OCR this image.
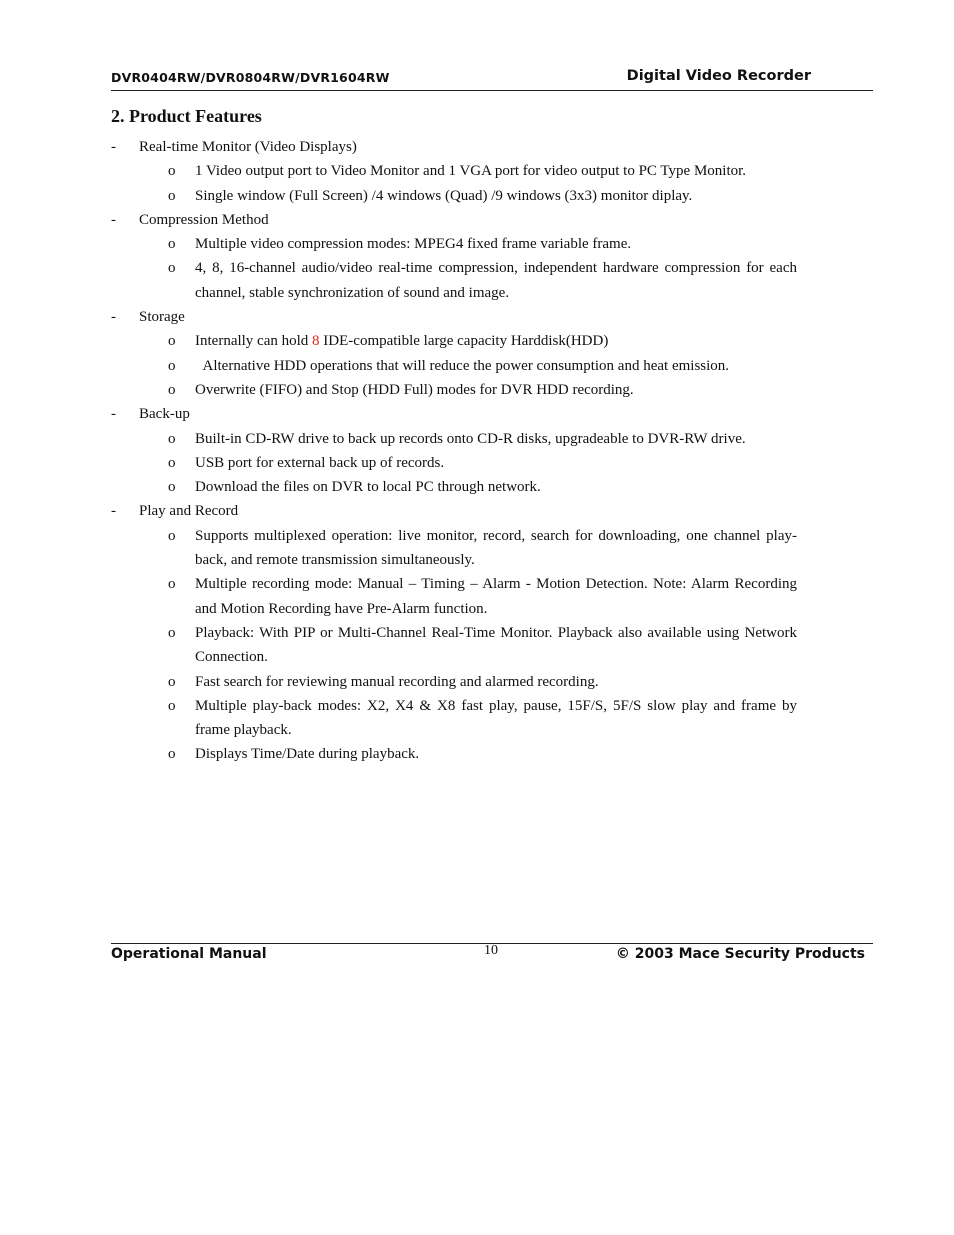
DVR0404RW/DVR0804RW/DVR1604RW	Digital Video Recorder
2. Product Features
- Real-time Monitor (Video Displays)
o 1 Video output port to Video Monitor and 1 VGA port for video output to PC Type Monitor.
o Single window (Full Screen) /4 windows (Quad) /9 windows (3x3) monitor diplay.
- Compression Method
o Multiple video compression modes: MPEG4 fixed frame variable frame.
o 4, 8, 16-channel audio/video real-time compression, independent hardware compression for each channel, stable synchronization of sound and image.
- Storage
o Internally can hold 8 IDE-compatible large capacity Harddisk(HDD)
o Alternative HDD operations that will reduce the power consumption and heat emission.
o Overwrite (FIFO) and Stop (HDD Full) modes for DVR HDD recording.
- Back-up
o Built-in CD-RW drive to back up records onto CD-R disks, upgradeable to DVR-RW drive.
o USB port for external back up of records.
o Download the files on DVR to local PC through network.
- Play and Record
o Supports multiplexed operation: live monitor, record, search for downloading, one channel play-back, and remote transmission simultaneously.
o Multiple recording mode: Manual – Timing – Alarm - Motion Detection. Note: Alarm Recording and Motion Recording have Pre-Alarm function.
o Playback: With PIP or Multi-Channel Real-Time Monitor. Playback also available using Network Connection.
o Fast search for reviewing manual recording and alarmed recording.
o Multiple play-back modes: X2, X4 & X8 fast play, pause, 15F/S, 5F/S slow play and frame by frame playback.
o Displays Time/Date during playback.
Operational Manual	10	© 2003 Mace Security Products
